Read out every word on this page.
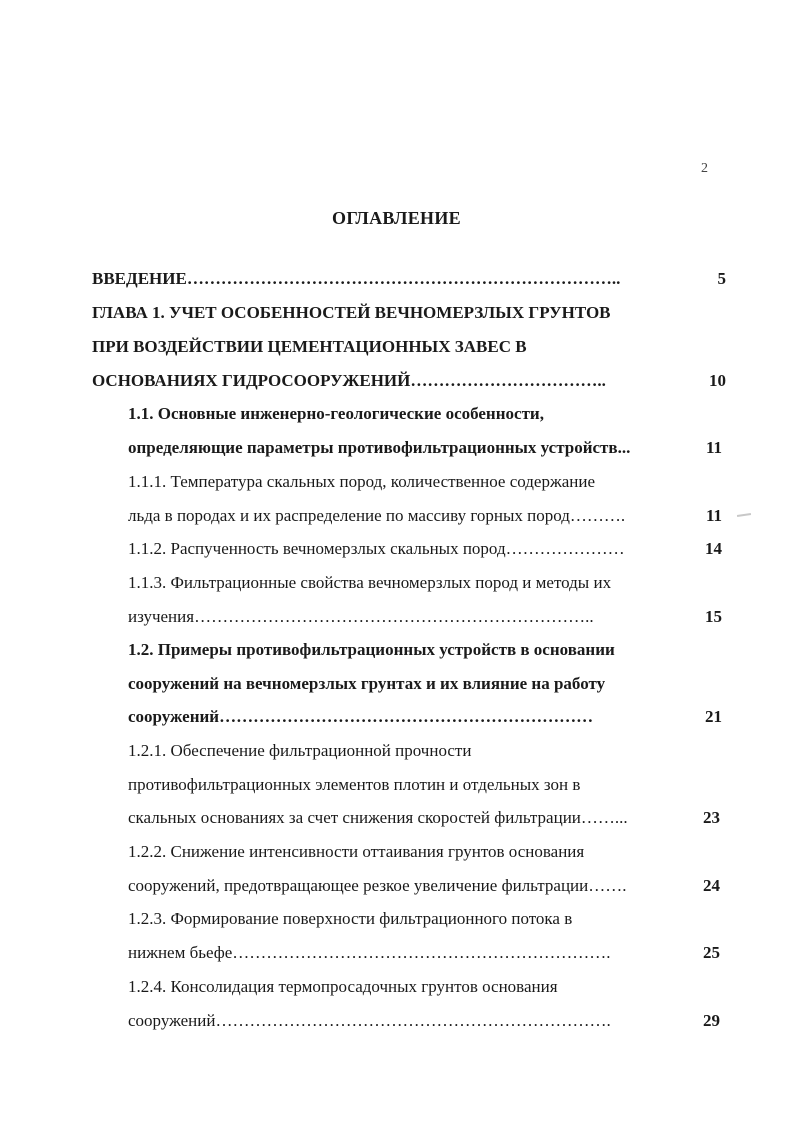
2
ОГЛАВЛЕНИЕ
ВВЕДЕНИЕ…………………………………………………………………..
ГЛАВА 1. УЧЕТ ОСОБЕННОСТЕЙ ВЕЧНОМЕРЗЛЫХ ГРУНТОВ
ПРИ ВОЗДЕЙСТВИИ ЦЕМЕНТАЦИОННЫХ ЗАВЕС В
ОСНОВАНИЯХ ГИДРОСООРУЖЕНИЙ……………………………..
1.1. Основные инженерно-геологические особенности,
определяющие параметры противофильтрационных устройств...
1.1.1. Температура скальных пород, количественное содержание
льда в породах и их распределение по массиву горных пород……….
1.1.2. Распученность вечномерзлых скальных пород…………………
1.1.3. Фильтрационные свойства вечномерзлых пород и методы их
изучения……………………………………………………………..
1.2. Примеры противофильтрационных устройств в основании
сооружений на вечномерзлых грунтах и их влияние на работу
сооружений…………………………………………………………
1.2.1. Обеспечение фильтрационной прочности
противофильтрационных элементов плотин и отдельных зон в
скальных основаниях за счет снижения скоростей фильтрации……...
1.2.2. Снижение интенсивности оттаивания грунтов основания
сооружений, предотвращающее резкое увеличение фильтрации…….
1.2.3. Формирование поверхности фильтрационного потока в
нижнем бьефе………………………………………………………….
1.2.4. Консолидация термопросадочных грунтов основания
сооружений…………………………………………………………….
5
10
11
11
14
15
21
23
24
25
29
